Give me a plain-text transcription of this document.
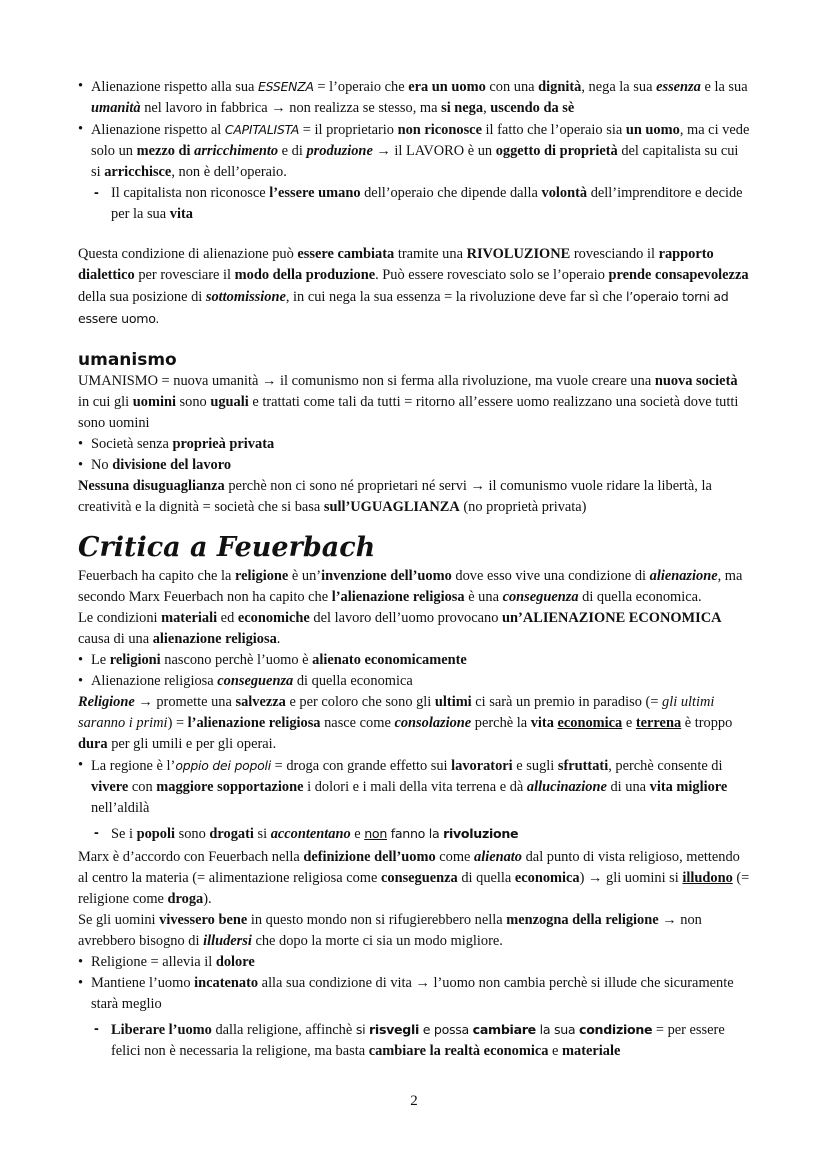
• Alienazione rispetto alla sua ESSENZA = l’operaio che era un uomo con una dignità, nega la sua essenza e la sua umanità nel lavoro in fabbrica → non realizza se stesso, ma si nega, uscendo da sè
• Alienazione rispetto al CAPITALISTA = il proprietario non riconosce il fatto che l’operaio sia un uomo, ma ci vede solo un mezzo di arricchimento e di produzione → il LAVORO è un oggetto di proprietà del capitalista su cui si arricchisce, non è dell’operaio.
- Il capitalista non riconosce l’essere umano dell’operaio che dipende dalla volontà dell’imprenditore e decide per la sua vita

Questa condizione di alienazione può essere cambiata tramite una RIVOLUZIONE rovesciando il rapporto dialettico per rovesciare il modo della produzione. Può essere rovesciato solo se l’operaio prende consapevolezza della sua posizione di sottomissione, in cui nega la sua essenza = la rivoluzione deve far sì che l’operaio torni ad essere uomo.

umanismo

UMANISMO = nuova umanità → il comunismo non si ferma alla rivoluzione, ma vuole creare una nuova società in cui gli uomini sono uguali e trattati come tali da tutti = ritorno all’essere uomo realizzano una società dove tutti sono uomini

• Società senza proprieà privata
• No divisione del lavoro

Nessuna disuguaglianza perchè non ci sono né proprietari né servi → il comunismo vuole ridare la libertà, la creatività e la dignità = società che si basa sull’UGUAGLIANZA (no proprietà privata)

Critica a Feuerbach

Feuerbach ha capito che la religione è un’invenzione dell’uomo dove esso vive una condizione di alienazione, ma secondo Marx Feuerbach non ha capito che l’alienazione religiosa è una conseguenza di quella economica.

Le condizioni materiali ed economiche del lavoro dell’uomo provocano un’ALIENAZIONE ECONOMICA causa di una alienazione religiosa.

• Le religioni nascono perchè l’uomo è alienato economicamente
• Alienazione religiosa conseguenza di quella economica

Religione → promette una salvezza e per coloro che sono gli ultimi ci sarà un premio in paradiso (= gli ultimi saranno i primi) = l’alienazione religiosa nasce come consolazione perchè la vita economica e terrena è troppo dura per gli umili e per gli operai.

• La regione è l’oppio dei popoli = droga con grande effetto sui lavoratori e sugli sfruttati, perchè consente di vivere con maggiore sopportazione i dolori e i mali della vita terrena e dà allucinazione di una vita migliore nell’aldilà
- Se i popoli sono drogati si accontentano e non fanno la rivoluzione

Marx è d’accordo con Feuerbach nella definizione dell’uomo come alienato dal punto di vista religioso, mettendo al centro la materia (= alimentazione religiosa come conseguenza di quella economica) → gli uomini si illudono (= religione come droga).

Se gli uomini vivessero bene in questo mondo non si rifugierebbero nella menzogna della religione → non avrebbero bisogno di illudersi che dopo la morte ci sia un modo migliore.

• Religione = allevia il dolore
• Mantiene l’uomo incatenato alla sua condizione di vita → l’uomo non cambia perchè si illude che sicuramente starà meglio
- Liberare l’uomo dalla religione, affinchè si risvegli e possa cambiare la sua condizione = per essere felici non è necessaria la religione, ma basta cambiare la realtà economica e materiale
2
